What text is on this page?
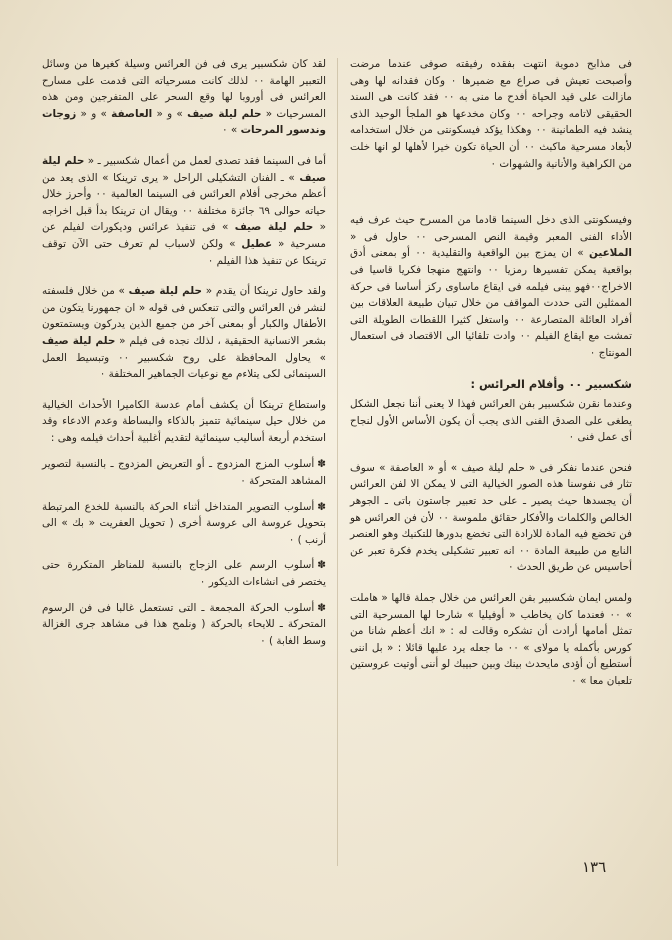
فى مذابح دموية انتهت بفقده رفيقته صوفى عندما مرضت وأصبحت تعيش فى صراع مع ضميرها ٠ وكان فقدانه لها وهى مازالت على قيد الحياة أفدح ما منى به ٠٠ فقد كانت هى السند الحقيقى لاتامه وجراحه ٠٠ وكان مخدعها هو الملجأ الوحيد الذى ينشد فيه الطمانينة ٠٠ وهكذا يؤكد فيسكونتى من خلال استخدامه لأبعاد مسرحية ماكبث ٠٠ أن الحياة تكون خيرا لأهلها لو انها خلت من الكراهية والأنانية والشهوات ٠

وفيسكونتى الذى دخل السينما قادما من المسرح حيث عرف فيه الأداء الفنى المعبر وقيمة النص المسرحى ٠٠ حاول فى « الملاعين » ان يمزج بين الواقعية والتقليدية ٠٠ أو بمعنى أدق بواقعية يمكن تفسيرها رمزيا ٠٠ وانتهج منهجا فكريا قاسيا فى الاخراج٠٠فهو يبنى فيلمه فى ايقاع ماساوى ركز أساسا فى حركة الممثلين التى حددت المواقف من خلال تبيان طبيعة العلاقات بين أفراد العائلة المتصارعة ٠٠ واستغل كثيرا اللقطات الطويلة التى تمشت مع ايقاع الفيلم ٠٠ وادت تلقائيا الى الاقتصاد فى استعمال المونتاج ٠

شكسبير ٠٠ وأفلام العرائس :

وعندما نقرن شكسبير بفن العرائس فهذا لا يعنى أننا نجعل الشكل يطغى على الصدق الفنى الذى يجب أن يكون الأساس الأول لنجاح أى عمل فنى ٠

فنحن عندما نفكر فى « حلم ليلة صيف » أو « العاصفة » سوف تثار فى نفوسنا هذه الصور الخيالية التى لا يمكن الا لفن العرائس أن يجسدها حيث يصير ـ على حد تعبير جاستون باتى ـ الجوهر الخالص والكلمات والأفكار حقائق ملموسة ٠٠ لأن فن العرائس هو فن تخضع فيه المادة للارادة التى تخضع بدورها للتكنيك وهو العنصر النابع من طبيعة المادة ٠٠ انه تعبير تشكيلى يخدم فكرة تعبر عن أحاسيس عن طريق الحدث ٠

ولمس ايمان شكسبير بفن العرائس من خلال جملة قالها « هاملت » ٠٠ فعندما كان يخاطب « أوفيليا » شارحا لها المسرحية التى تمثل أمامها أرادت أن تشكره وقالت له : « انك أعظم شانا من كورس بأكمله يا مولاى » ٠٠ ما جعله يرد عليها قائلا : « بل اننى أستطيع أن أؤدى مايحدث بينك وبين حبيبك لو أننى أوتيت عروستين تلعبان معا » ٠

لقد كان شكسبير يرى فى فن العرائس وسيلة كغيرها من وسائل التعبير الهامة ٠٠ لذلك كانت مسرحياته التى قدمت على مسارح العرائس فى أوروبا لها وقع السحر على المتفرجين ومن هذه المسرحيات « حلم ليلة صيف » و « العاصفة » و « زوجات وندسور المرحات » ٠

أما فى السينما فقد تصدى لعمل من أعمال شكسبير ـ « حلم ليلة صيف » ـ الفنان التشكيلى الراحل « يرى ترينكا » الذى يعد من أعظم مخرجى أفلام العرائس فى السينما العالمية ٠٠ وأحرز خلال حياته حوالى ٦٩ جائزة مختلفة ٠٠ ويقال ان ترينكا بدأ قبل اخراجه « حلم ليلة صيف » فى تنفيذ عرائس وديكورات لفيلم عن مسرحية « عطيل » ولكن لاسباب لم تعرف حتى الآن توقف ترينكا عن تنفيذ هذا الفيلم ٠

ولقد حاول ترينكا أن يقدم « حلم ليلة صيف » من خلال فلسفته لنشر فن العرائس والتى تنعكس فى قوله « ان جمهورنا يتكون من الأطفال والكبار أو بمعنى آخر من جميع الذين يدركون ويستمتعون بشعر الانسانية الحقيقية ، لذلك نجده فى فيلم « حلم ليلة صيف » يحاول المحافظة على روح شكسبير ٠٠ وتبسيط العمل السينمائى لكى يتلاءم مع نوعيات الجماهير المختلفة ٠

واستطاع ترينكا أن يكشف أمام عدسة الكاميرا الأحداث الخيالية من خلال حيل سينمائية تتميز بالذكاء والبساطة وعدم الادعاء وقد استخدم أربعة أساليب سينمائية لتقديم أغلبية أحداث فيلمه وهى :

✽أسلوب المزج المزدوج ـ أو التعريض المزدوج ـ بالنسبة لتصوير المشاهد المتحركة ٠
✽أسلوب التصوير المتداخل أثناء الحركة بالنسبة للخدع المرتبطة بتحويل عروسة الى عروسة أخرى ( تحويل العفريت « بك » الى أرنب ) ٠
✽أسلوب الرسم على الزجاج بالنسبة للمناظر المتكررة حتى يختصر فى انشاءات الديكور ٠
✽أسلوب الحركة المجمعة ـ التى تستعمل غالبا فى فن الرسوم المتحركة ـ للايحاء بالحركة ( ونلمح هذا فى مشاهد جرى الغزالة وسط الغابة ) ٠
١٣٦
